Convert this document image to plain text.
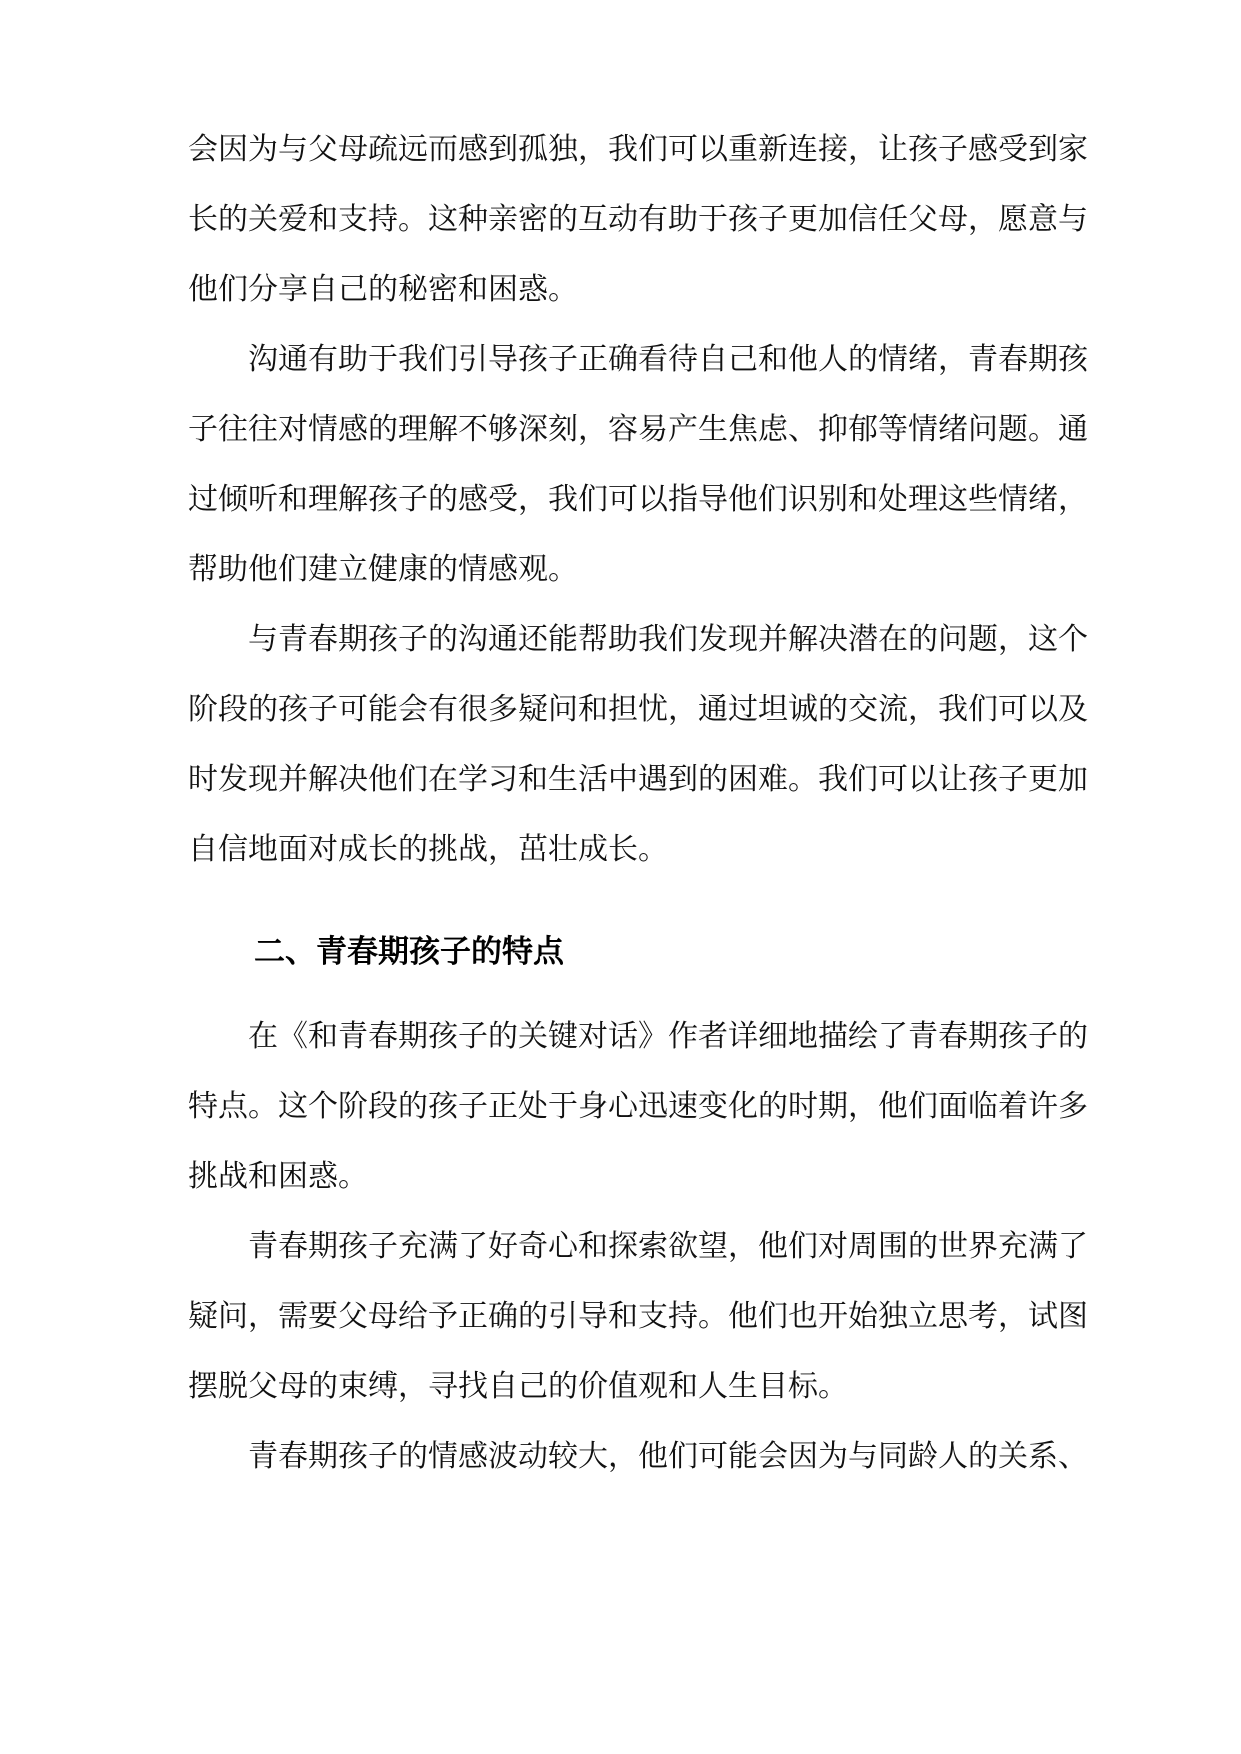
会因为与父母疏远而感到孤独，我们可以重新连接，让孩子感受到家
长的关爱和支持。这种亲密的互动有助于孩子更加信任父母，愿意与
他们分享自己的秘密和困惑。
沟通有助于我们引导孩子正确看待自己和他人的情绪，青春期孩
子往往对情感的理解不够深刻，容易产生焦虑、抑郁等情绪问题。通
过倾听和理解孩子的感受，我们可以指导他们识别和处理这些情绪，
帮助他们建立健康的情感观。
与青春期孩子的沟通还能帮助我们发现并解决潜在的问题，这个
阶段的孩子可能会有很多疑问和担忧，通过坦诚的交流，我们可以及
时发现并解决他们在学习和生活中遇到的困难。我们可以让孩子更加
自信地面对成长的挑战，茁壮成长。
二、青春期孩子的特点
在《和青春期孩子的关键对话》作者详细地描绘了青春期孩子的
特点。这个阶段的孩子正处于身心迅速变化的时期，他们面临着许多
挑战和困惑。
青春期孩子充满了好奇心和探索欲望，他们对周围的世界充满了
疑问，需要父母给予正确的引导和支持。他们也开始独立思考，试图
摆脱父母的束缚，寻找自己的价值观和人生目标。
青春期孩子的情感波动较大，他们可能会因为与同龄人的关系、
